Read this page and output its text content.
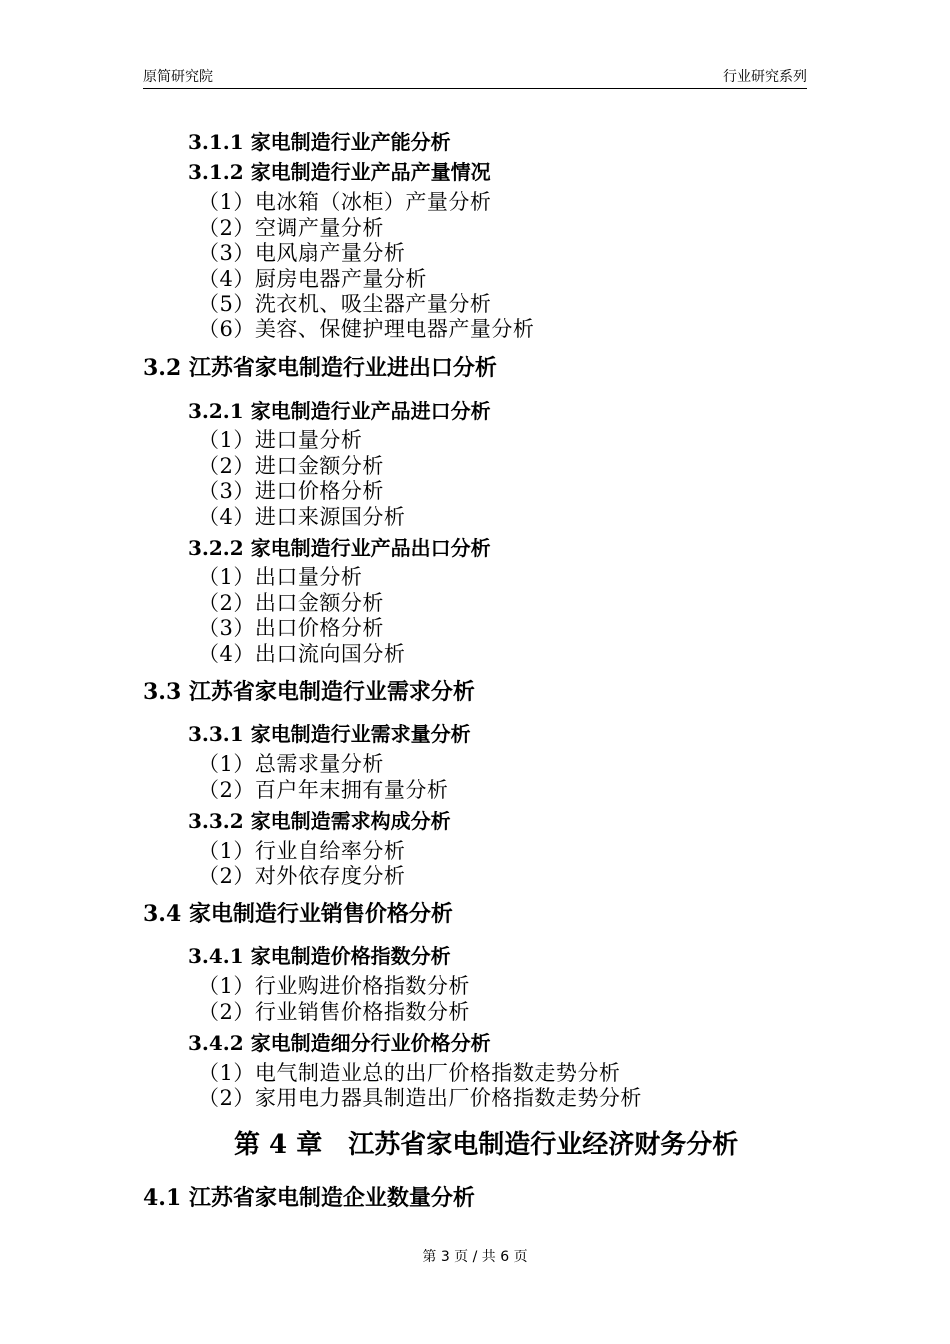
原简研究院	行业研究系列
3.1.1 家电制造行业产能分析
3.1.2 家电制造行业产品产量情况
（1）电冰箱（冰柜）产量分析
（2）空调产量分析
（3）电风扇产量分析
（4）厨房电器产量分析
（5）洗衣机、吸尘器产量分析
（6）美容、保健护理电器产量分析
3.2 江苏省家电制造行业进出口分析
3.2.1 家电制造行业产品进口分析
（1）进口量分析
（2）进口金额分析
（3）进口价格分析
（4）进口来源国分析
3.2.2 家电制造行业产品出口分析
（1）出口量分析
（2）出口金额分析
（3）出口价格分析
（4）出口流向国分析
3.3 江苏省家电制造行业需求分析
3.3.1 家电制造行业需求量分析
（1）总需求量分析
（2）百户年末拥有量分析
3.3.2 家电制造需求构成分析
（1）行业自给率分析
（2）对外依存度分析
3.4 家电制造行业销售价格分析
3.4.1 家电制造价格指数分析
（1）行业购进价格指数分析
（2）行业销售价格指数分析
3.4.2 家电制造细分行业价格分析
（1）电气制造业总的出厂价格指数走势分析
（2）家用电力器具制造出厂价格指数走势分析
第 4 章　江苏省家电制造行业经济财务分析
4.1 江苏省家电制造企业数量分析
第 3 页 / 共 6 页
